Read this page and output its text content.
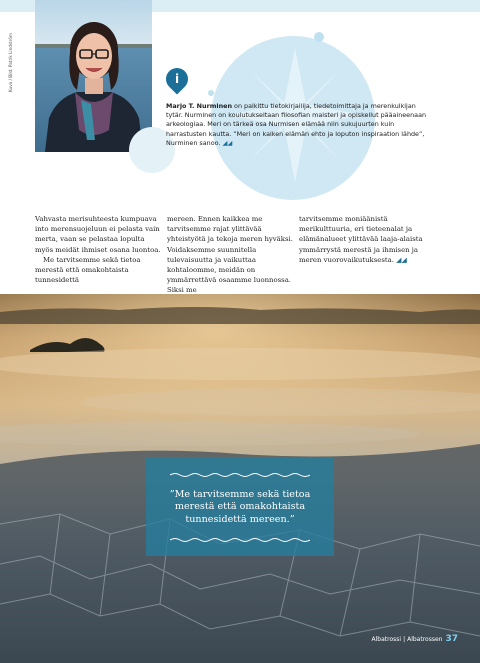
Kuva / Bild: Patrik Lindström	i
Marjo T. Nurminen on palkittu tietokirjailija, tiedetoimittaja ja merenkulkijan tytär. Nurminen on koulutukseltaan filosofian maisteri ja opiskellut pääaineenaan arkeologiaa. Meri on tärkeä osa Nurmisen elämää niin sukujuurten kuin harrastusten kautta. ”Meri on kaiken elämän ehto ja loputon inspiraation lähde”, Nurminen sanoo. ◢◢

Vahvasta merisuhteesta kumpuava into merensuojeluun ei pelasta vain merta, vaan se pelastaa lopulta myös meidät ihmiset osana luontoa.

Me tarvitsemme sekä tietoa merestä että omakohtaista tunnesidettä

mereen. Ennen kaikkea me tarvitsemme rajat ylittävää yhteistyötä ja tekoja meren hyväksi. Voidaksemme suunnitella tulevaisuutta ja vaikuttaa kohtaloomme, meidän on ymmärrettävä osaamme luonnossa. Siksi me

tarvitsemme moniäänistä merikulttuuria, eri tieteenalat ja elämänalueet ylittävää laaja-alaista ymmärrystä merestä ja ihmisen ja meren vuorovaikutuksesta. ◢◢

”Me tarvitsemme sekä tietoa merestä että omakohtaista tunnesidettä mereen.”
Albatrossi | Albatrossen 37
